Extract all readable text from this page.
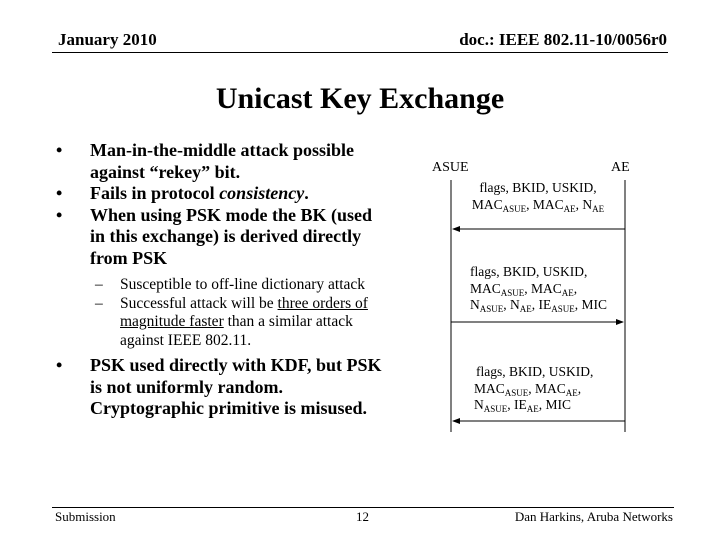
January 2010	doc.: IEEE 802.11-10/0056r0
Unicast Key Exchange
• Man-in-the-middle attack possible against “rekey” bit.
• Fails in protocol consistency.
• When using PSK mode the BK (used in this exchange) is derived directly from PSK
– Susceptible to off-line dictionary attack
– Successful attack will be three orders of magnitude faster than a similar attack against IEEE 802.11.
• PSK used directly with KDF, but PSK is not uniformly random. Cryptographic primitive is misused.
ASUE	AE
flags, BKID, USKID,
$MAC_{ASUE}$, $MAC_{AE}$, $N_{AE}$
flags, BKID, USKID,
$MAC_{ASUE}$, $MAC_{AE}$,
$N_{ASUE}$, $N_{AE}$, $IE_{ASUE}$, MIC
flags, BKID, USKID,
$MAC_{ASUE}$, $MAC_{AE}$,
$N_{ASUE}$, $IE_{AE}$, MIC
Submission	12	Dan Harkins, Aruba Networks
